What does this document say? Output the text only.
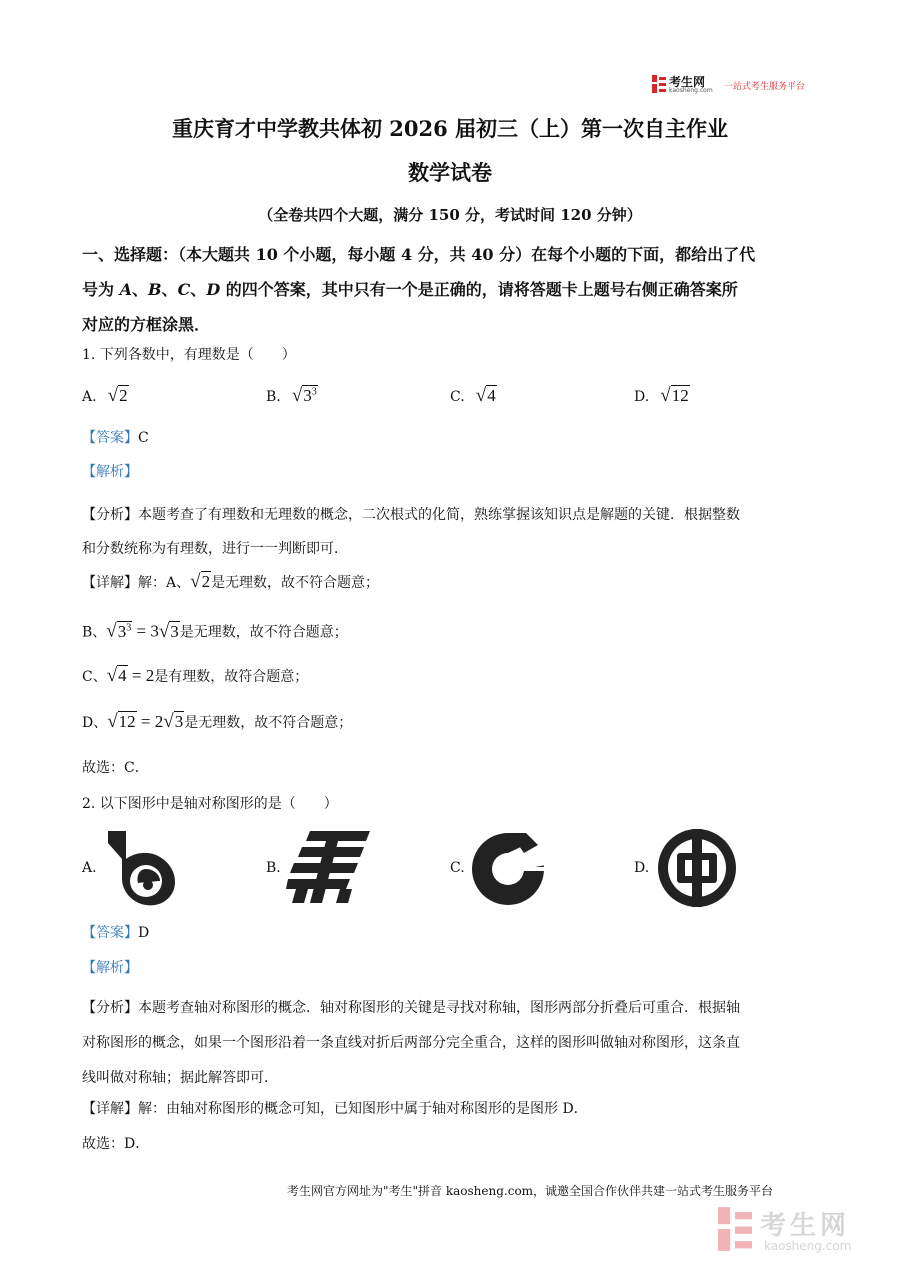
考生网
kaosheng.com 一站式考生服务平台
重庆育才中学教共体初 2026 届初三（上）第一次自主作业
数学试卷
（全卷共四个大题，满分 150 分，考试时间 120 分钟）
一、选择题：（本大题共 10 个小题，每小题 4 分，共 40 分）在每个小题的下面，都给出了代
号为 A、B、C、D 的四个答案，其中只有一个是正确的，请将答题卡上题号右侧正确答案所
对应的方框涂黑．
1. 下列各数中，有理数是（　　）
A. √2	B. $√3^3$	C. √4	D. √12
【答案】C
【解析】
【分析】本题考查了有理数和无理数的概念，二次根式的化简，熟练掌握该知识点是解题的关键．根据整数
和分数统称为有理数，进行一一判断即可．
【详解】解：A、√2是无理数，故不符合题意；
B、$√3^3 = 3√3$是无理数，故不符合题意；
C、√4 = 2是有理数，故符合题意；
D、√12 = 2√3是无理数，故不符合题意；
故选：C．
2. 以下图形中是轴对称图形的是（　　）
A.	B.	C.	D.
【答案】D
【解析】
【分析】本题考查轴对称图形的概念．轴对称图形的关键是寻找对称轴，图形两部分折叠后可重合．根据轴
对称图形的概念，如果一个图形沿着一条直线对折后两部分完全重合，这样的图形叫做轴对称图形，这条直
线叫做对称轴；据此解答即可．
【详解】解：由轴对称图形的概念可知，已知图形中属于轴对称图形的是图形 D．
故选：D．
考生网官方网址为"考生"拼音 kaosheng.com，诚邀全国合作伙伴共建一站式考生服务平台
考生网
kaosheng.com
